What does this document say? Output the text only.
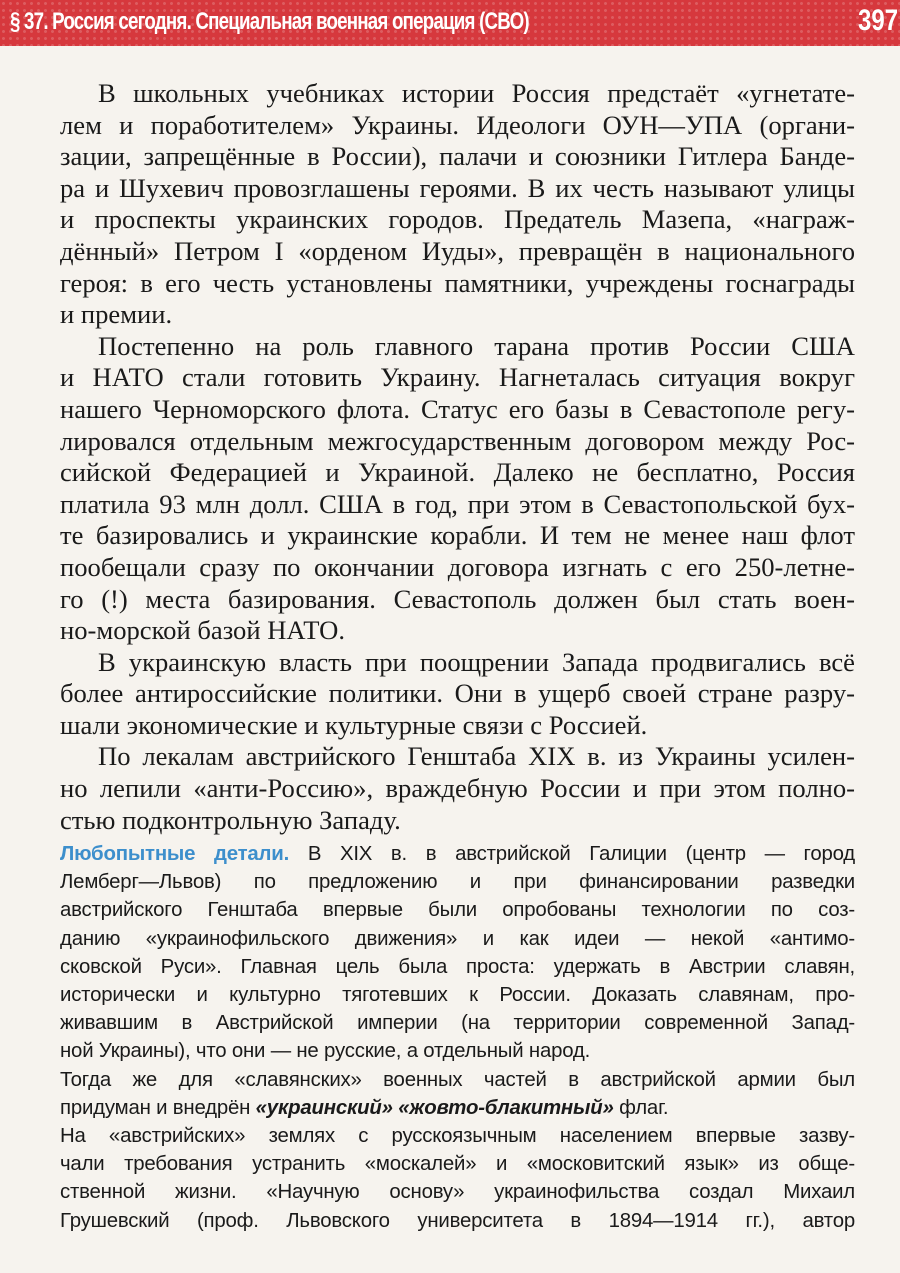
§ 37. Россия сегодня. Специальная военная операция (СВО)	397
В школьных учебниках истории Россия предстаёт «угнетате-
лем и поработителем» Украины. Идеологи ОУН—УПА (органи-
зации, запрещённые в России), палачи и союзники Гитлера Банде-
ра и Шухевич провозглашены героями. В их честь называют улицы
и проспекты украинских городов. Предатель Мазепа, «награж-
дённый» Петром I «орденом Иуды», превращён в национального
героя: в его честь установлены памятники, учреждены госнаграды
и премии.
Постепенно на роль главного тарана против России США
и НАТО стали готовить Украину. Нагнеталась ситуация вокруг
нашего Черноморского флота. Статус его базы в Севастополе регу-
лировался отдельным межгосударственным договором между Рос-
сийской Федерацией и Украиной. Далеко не бесплатно, Россия
платила 93 млн долл. США в год, при этом в Севастопольской бух-
те базировались и украинские корабли. И тем не менее наш флот
пообещали сразу по окончании договора изгнать с его 250-летне-
го (!) места базирования. Севастополь должен был стать воен-
но-морской базой НАТО.
В украинскую власть при поощрении Запада продвигались всё
более антироссийские политики. Они в ущерб своей стране разру-
шали экономические и культурные связи с Россией.
По лекалам австрийского Генштаба XIX в. из Украины усилен-
но лепили «анти-Россию», враждебную России и при этом полно-
стью подконтрольную Западу.
Любопытные детали. В XIX в. в австрийской Галиции (центр — город
Лемберг—Львов) по предложению и при финансировании разведки
австрийского Генштаба впервые были опробованы технологии по соз-
данию «украинофильского движения» и как идеи — некой «антимо-
сковской Руси». Главная цель была проста: удержать в Австрии славян,
исторически и культурно тяготевших к России. Доказать славянам, про-
живавшим в Австрийской империи (на территории современной Запад-
ной Украины), что они — не русские, а отдельный народ.
Тогда же для «славянских» военных частей в австрийской армии был
придуман и внедрён «украинский» «жовто-блакитный» флаг.
На «австрийских» землях с русскоязычным населением впервые зазву-
чали требования устранить «москалей» и «московитский язык» из обще-
ственной жизни. «Научную основу» украинофильства создал Михаил
Грушевский (проф. Львовского университета в 1894—1914 гг.), автор
